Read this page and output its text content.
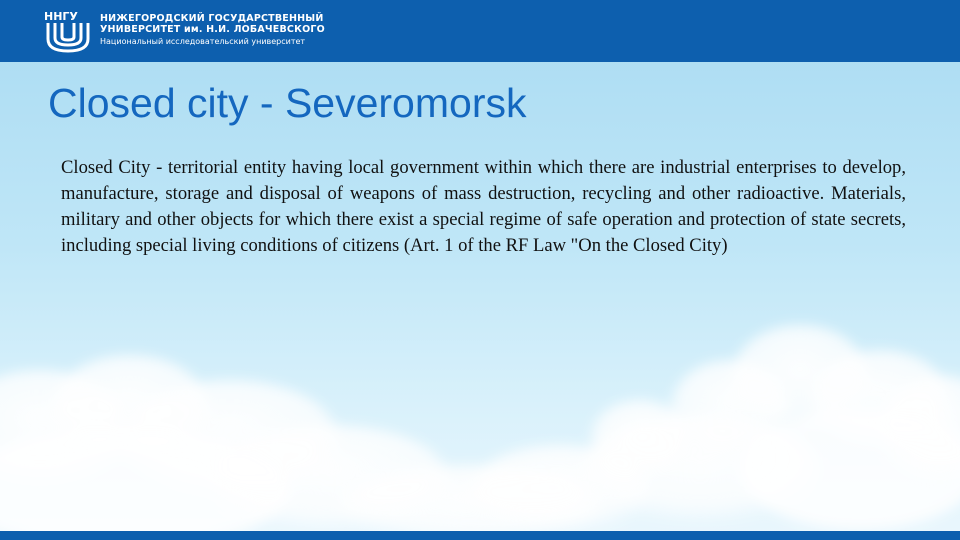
ННГУ НИЖЕГОРОДСКИЙ ГОСУДАРСТВЕННЫЙ
УНИВЕРСИТЕТ им. Н.И. ЛОБАЧЕВСКОГО
Национальный исследовательский университет
Closed city - Severomorsk

Closed City - territorial entity having local government within which there are industrial enterprises to develop, manufacture, storage and disposal of weapons of mass destruction, recycling and other radioactive. Materials, military and other objects for which there exist a special regime of safe operation and protection of state secrets, including special living conditions of citizens (Art. 1 of the RF Law "On the Closed City)
